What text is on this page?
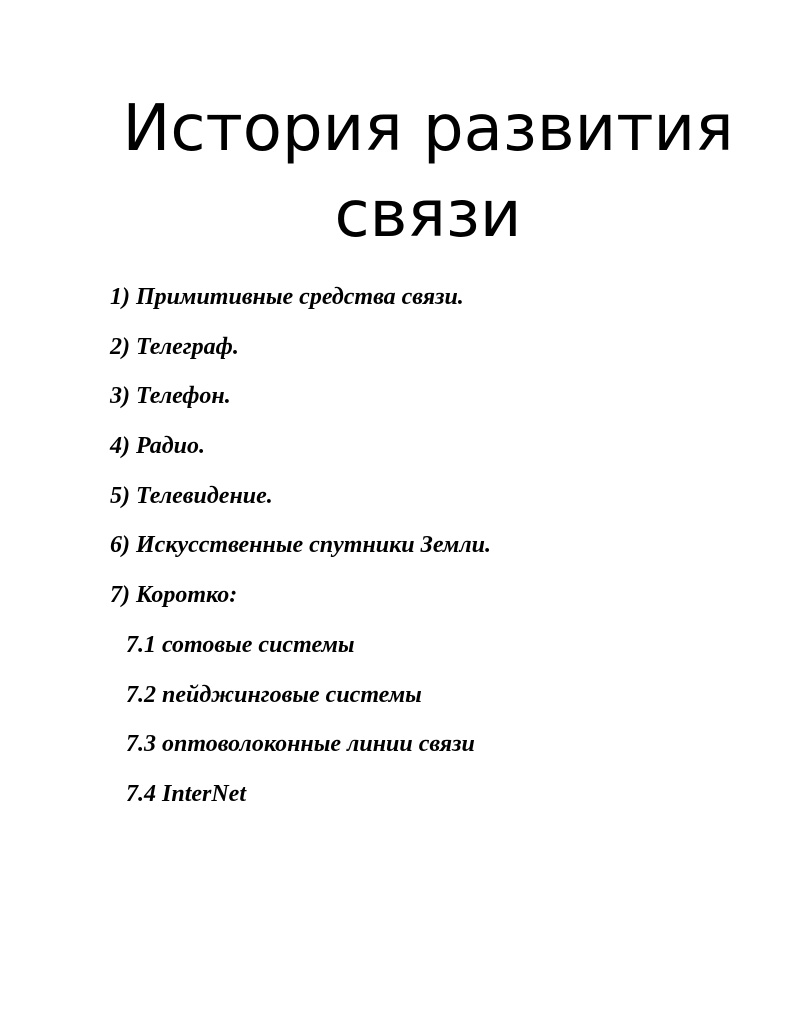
История развития
связи
1) Примитивные средства связи.
2) Телеграф.
3) Телефон.
4) Радио.
5) Телевидение.
6) Искусственные спутники Земли.
7) Коротко:
7.1 сотовые системы
7.2 пейджинговые системы
7.3 оптоволоконные линии связи
7.4 InterNet
